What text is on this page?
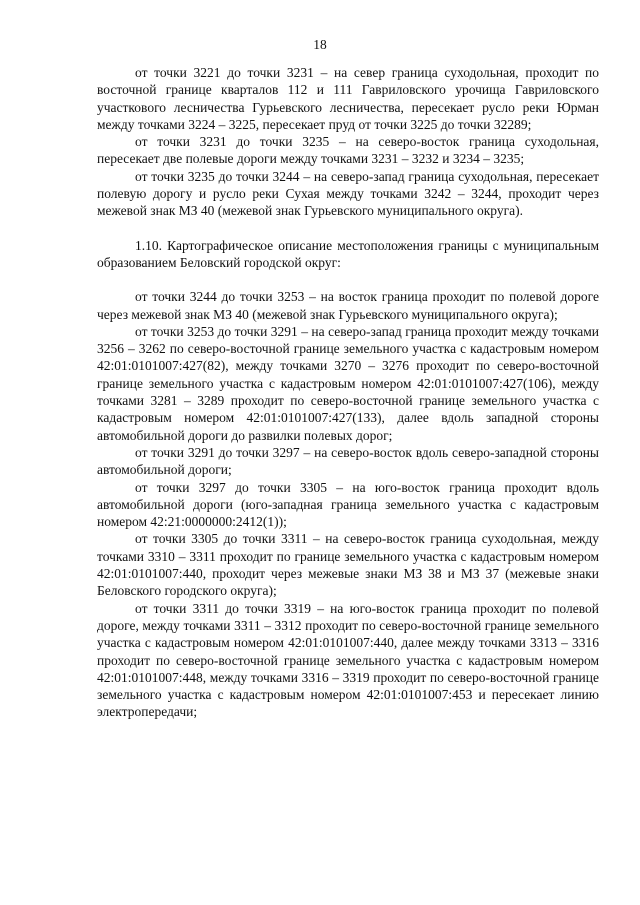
18

от точки 3221 до точки 3231 – на север граница суходольная, проходит по восточной границе кварталов 112 и 111 Гавриловского урочища Гавриловского участкового лесничества Гурьевского лесничества, пересекает русло реки Юрман между точками 3224 – 3225, пересекает пруд от точки 3225 до точки 32289;

от точки 3231 до точки 3235 – на северо-восток граница суходольная, пересекает две полевые дороги между точками 3231 – 3232 и 3234 – 3235;

от точки 3235 до точки 3244 – на северо-запад граница суходольная, пересекает полевую дорогу и русло реки Сухая между точками 3242 – 3244, проходит через межевой знак МЗ 40 (межевой знак Гурьевского муниципального округа).

1.10. Картографическое описание местоположения границы с муниципальным образованием Беловский городской округ:

от точки 3244 до точки 3253 – на восток граница проходит по полевой дороге через межевой знак МЗ 40 (межевой знак Гурьевского муниципального округа);

от точки 3253 до точки 3291 – на северо-запад граница проходит между точками 3256 – 3262 по северо-восточной границе земельного участка с кадастровым номером 42:01:0101007:427(82), между точками 3270 – 3276 проходит по северо-восточной границе земельного участка с кадастровым номером 42:01:0101007:427(106), между точками 3281 – 3289 проходит по северо-восточной границе земельного участка с кадастровым номером 42:01:0101007:427(133), далее вдоль западной стороны автомобильной дороги до развилки полевых дорог;

от точки 3291 до точки 3297 – на северо-восток вдоль северо-западной стороны автомобильной дороги;

от точки 3297 до точки 3305 – на юго-восток граница проходит вдоль автомобильной дороги (юго-западная граница земельного участка с кадастровым номером 42:21:0000000:2412(1));

от точки 3305 до точки 3311 – на северо-восток граница суходольная, между точками 3310 – 3311 проходит по границе земельного участка с кадастровым номером 42:01:0101007:440, проходит через межевые знаки МЗ 38 и МЗ 37 (межевые знаки Беловского городского округа);

от точки 3311 до точки 3319 – на юго-восток граница проходит по полевой дороге, между точками 3311 – 3312 проходит по северо-восточной границе земельного участка с кадастровым номером 42:01:0101007:440, далее между точками 3313 – 3316 проходит по северо-восточной границе земельного участка с кадастровым номером 42:01:0101007:448, между точками 3316 – 3319 проходит по северо-восточной границе земельного участка с кадастровым номером 42:01:0101007:453 и пересекает линию электропередачи;
